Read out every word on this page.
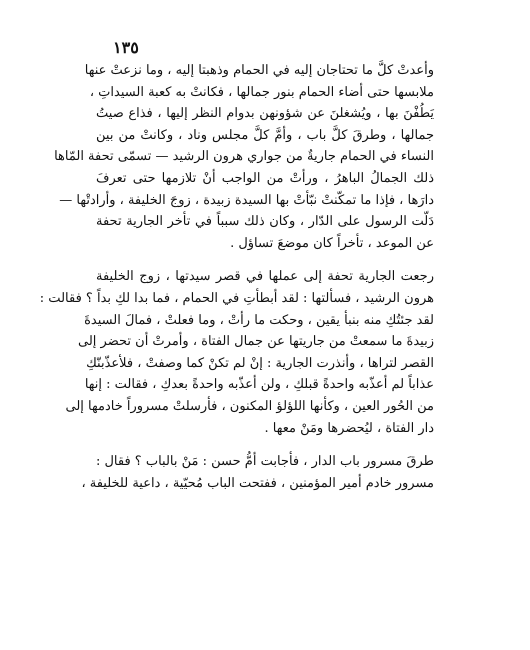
١٣٥
وأعدتْ كلَّ ما تحتاجان إليه في الحمام وذهبتا إليه ، وما نزعتْ عنها
ملابسها حتى أضاء الحمام بنور جمالها ، فكانتْ به كعبة السيداتِ ،
يَطُفْنَ بها ، ويُشغلنَ عن شؤونهن بدوام النظر إليها ، فذاع صيتُ
جمالها ، وطرقَ كلَّ باب ، وأمَّ كلَّ مجلس وناد ، وكانتْ من بين
النساء في الحمام جاريةٌ من جواري هرون الرشيد — تسمّى تحفة المّاها
ذلك الجمالُ الباهرُ ، ورأتْ من الواجب أنْ تلازمها حتى تعرفَ
دارَها ، فإذا ما تمكّنتْ نبّأتْ بها السيدة زبيدة ، زوجَ الخليفة ، وأرادتْها —
دَلّت الرسول على الدّار ، وكان ذلك سبباً في تأخر الجارية تحفة
عن الموعد ، تأخراً كان موضعَ تساؤل .
رجعت الجارية تحفة إلى عملها في قصر سيدتها ، زوج الخليفة
هرون الرشيد ، فسألتها : لقد أبطأتِ في الحمام ، فما بدا لكِ بداً ؟ فقالت :
لقد جئتُكِ منه بنبأ يقين ، وحكت ما رأتْ ، وما فعلتْ ، فمالَ السيدةَ
زبيدةَ ما سمعتْ من جاريتها عن جمال الفتاة ، وأمرتْ أن تحضر إلى
القصر لتراها ، وأنذرت الجارية : إنْ لم تكنْ كما وصفتْ ، فلأعذّبنّكِ
عذاباً لم أعذّبه واحدةً قبلكِ ، ولن أعذّبه واحدةً بعدكِ ، فقالت : إنها
من الحُور العين ، وكأنها اللؤلؤ المكنون ، فأرسلتْ مسروراً خادمها إلى
دار الفتاة ، ليُحضرها ومَنْ معها .
طرقَ مسرور باب الدار ، فأجابت أمُّ حسن : مَنْ بالباب ؟ فقال :
مسرور خادم أمير المؤمنين ، ففتحت الباب مُحيّية ، داعية للخليفة ،
